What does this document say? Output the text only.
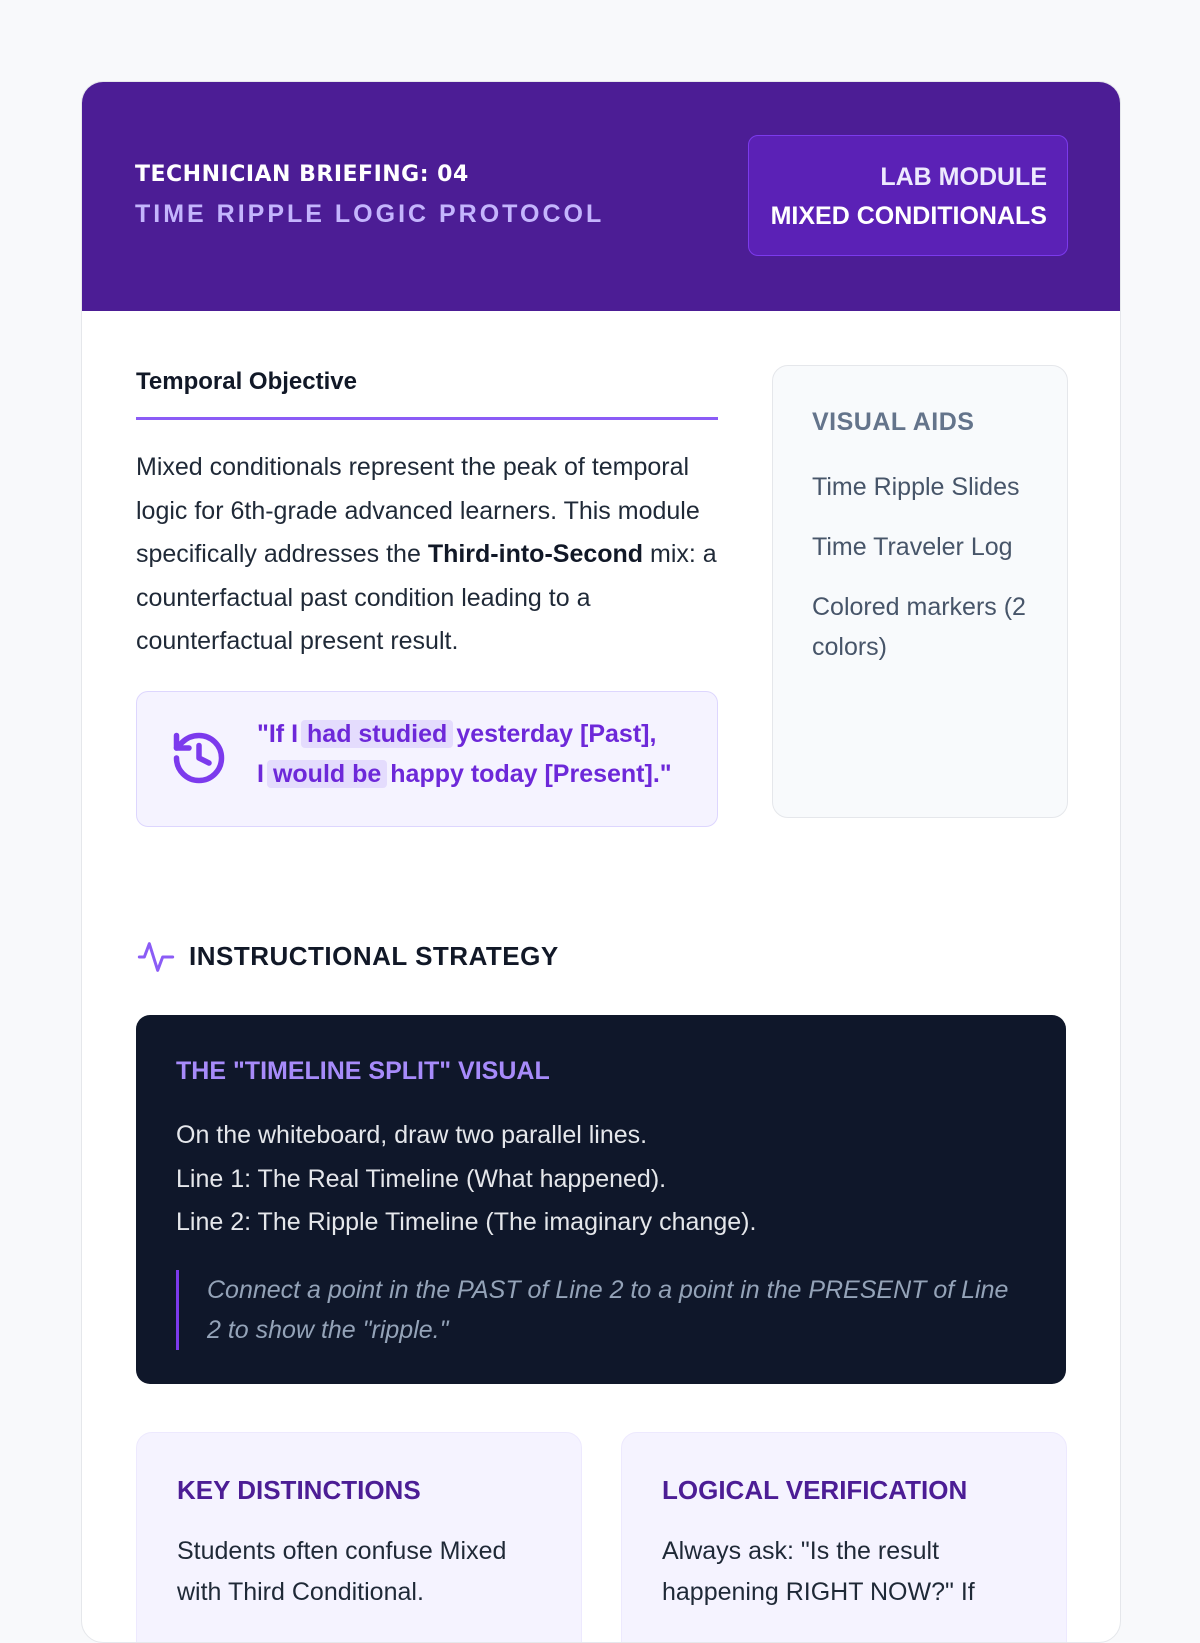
TECHNICIAN BRIEFING: 04
TIME RIPPLE LOGIC PROTOCOL
LAB MODULE
MIXED CONDITIONALS
Temporal Objective

Mixed conditionals represent the peak of temporal logic for 6th-grade advanced learners. This module specifically addresses the Third-into-Second mix: a counterfactual past condition leading to a counterfactual present result.

"If I had studied yesterday [Past],
I would be happy today [Present]."
VISUAL AIDS
Time Ripple Slides
Time Traveler Log
Colored markers (2 colors)
INSTRUCTIONAL STRATEGY
THE "TIMELINE SPLIT" VISUAL
On the whiteboard, draw two parallel lines.
Line 1: The Real Timeline (What happened).
Line 2: The Ripple Timeline (The imaginary change).
Connect a point in the PAST of Line 2 to a point in the PRESENT of Line 2 to show the "ripple."
KEY DISTINCTIONS
Students often confuse Mixed with Third Conditional.
LOGICAL VERIFICATION
Always ask: "Is the result happening RIGHT NOW?" If
